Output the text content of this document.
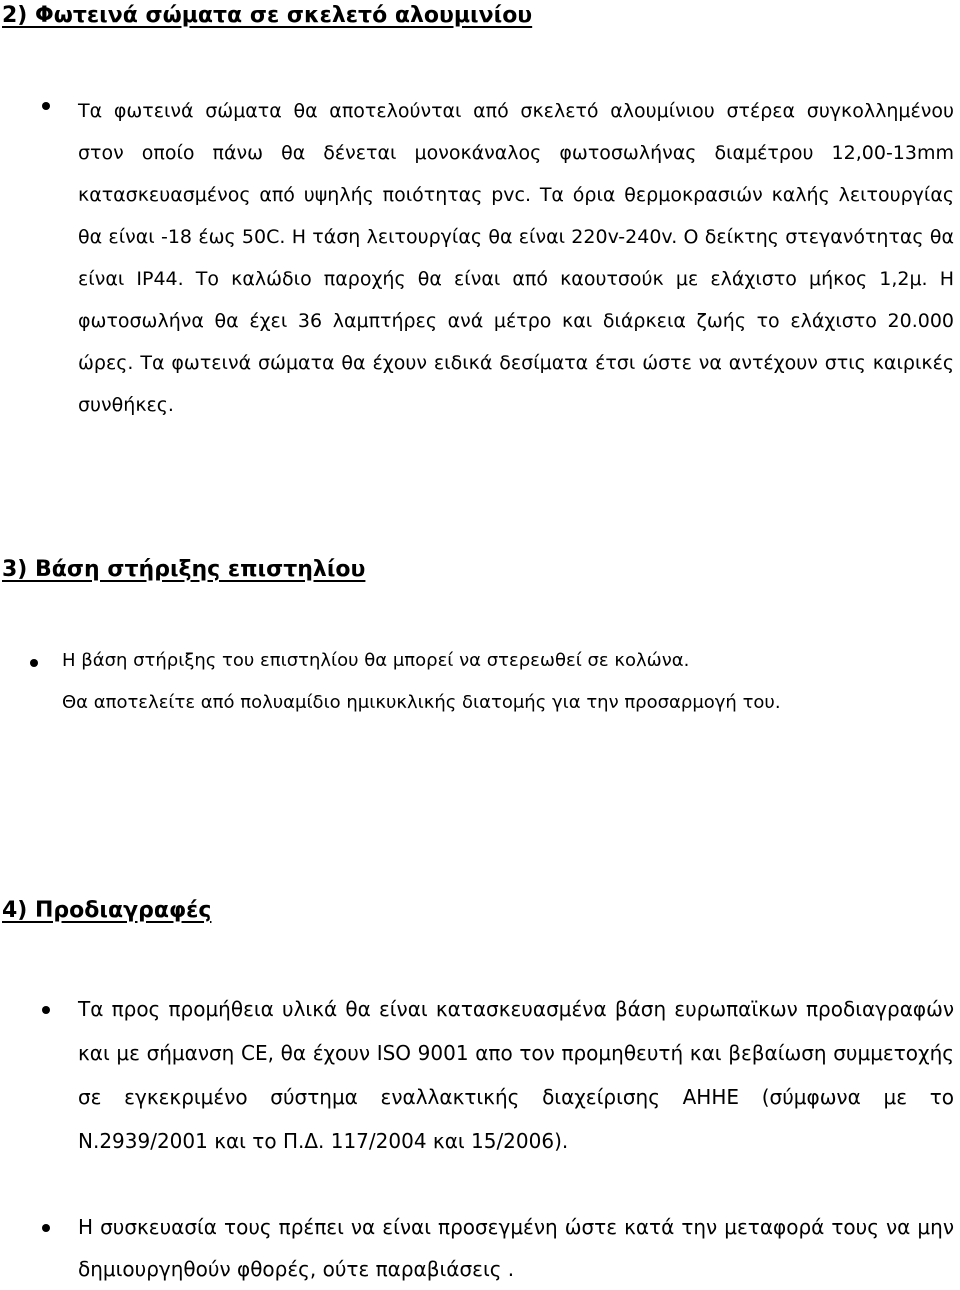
2) Φωτεινά σώματα σε σκελετό αλουμινίου

Τα φωτεινά σώματα θα αποτελούνται από σκελετό αλουμίνιου στέρεα συγκολλημένου στον οποίο πάνω θα δένεται μονοκάναλος φωτοσωλήνας διαμέτρου 12,00-13mm κατασκευασμένος από υψηλής ποιότητας pvc. Τα όρια θερμοκρασιών καλής λειτουργίας θα είναι -18 έως 50C. Η τάση λειτουργίας θα είναι 220v-240v. Ο δείκτης στεγανότητας θα είναι IP44. Το καλώδιο παροχής θα είναι από καουτσούκ με ελάχιστο μήκος 1,2μ. Η φωτοσωλήνα θα έχει 36 λαμπτήρες ανά μέτρο και διάρκεια ζωής το ελάχιστο 20.000 ώρες. Τα φωτεινά σώματα θα έχουν ειδικά δεσίματα έτσι ώστε να αντέχουν στις καιρικές συνθήκες.

3) Βάση στήριξης επιστηλίου

Η βάση στήριξης του επιστηλίου θα μπορεί να στερεωθεί σε κολώνα.

Θα αποτελείτε από πολυαμίδιο ημικυκλικής διατομής για την προσαρμογή του.

4) Προδιαγραφές

Τα προς προμήθεια υλικά θα είναι κατασκευασμένα βάση ευρωπαϊκων προδιαγραφών και με σήμανση CE, θα έχουν ISO 9001 απο τον προμηθευτή και βεβαίωση συμμετοχής σε εγκεκριμένο σύστημα εναλλακτικής διαχείρισης ΑΗΗΕ (σύμφωνα με το Ν.2939/2001 και το Π.Δ. 117/2004 και 15/2006).

Η συσκευασία τους πρέπει να είναι προσεγμένη ώστε κατά την μεταφορά τους να μην δημιουργηθούν φθορές, ούτε παραβιάσεις .
